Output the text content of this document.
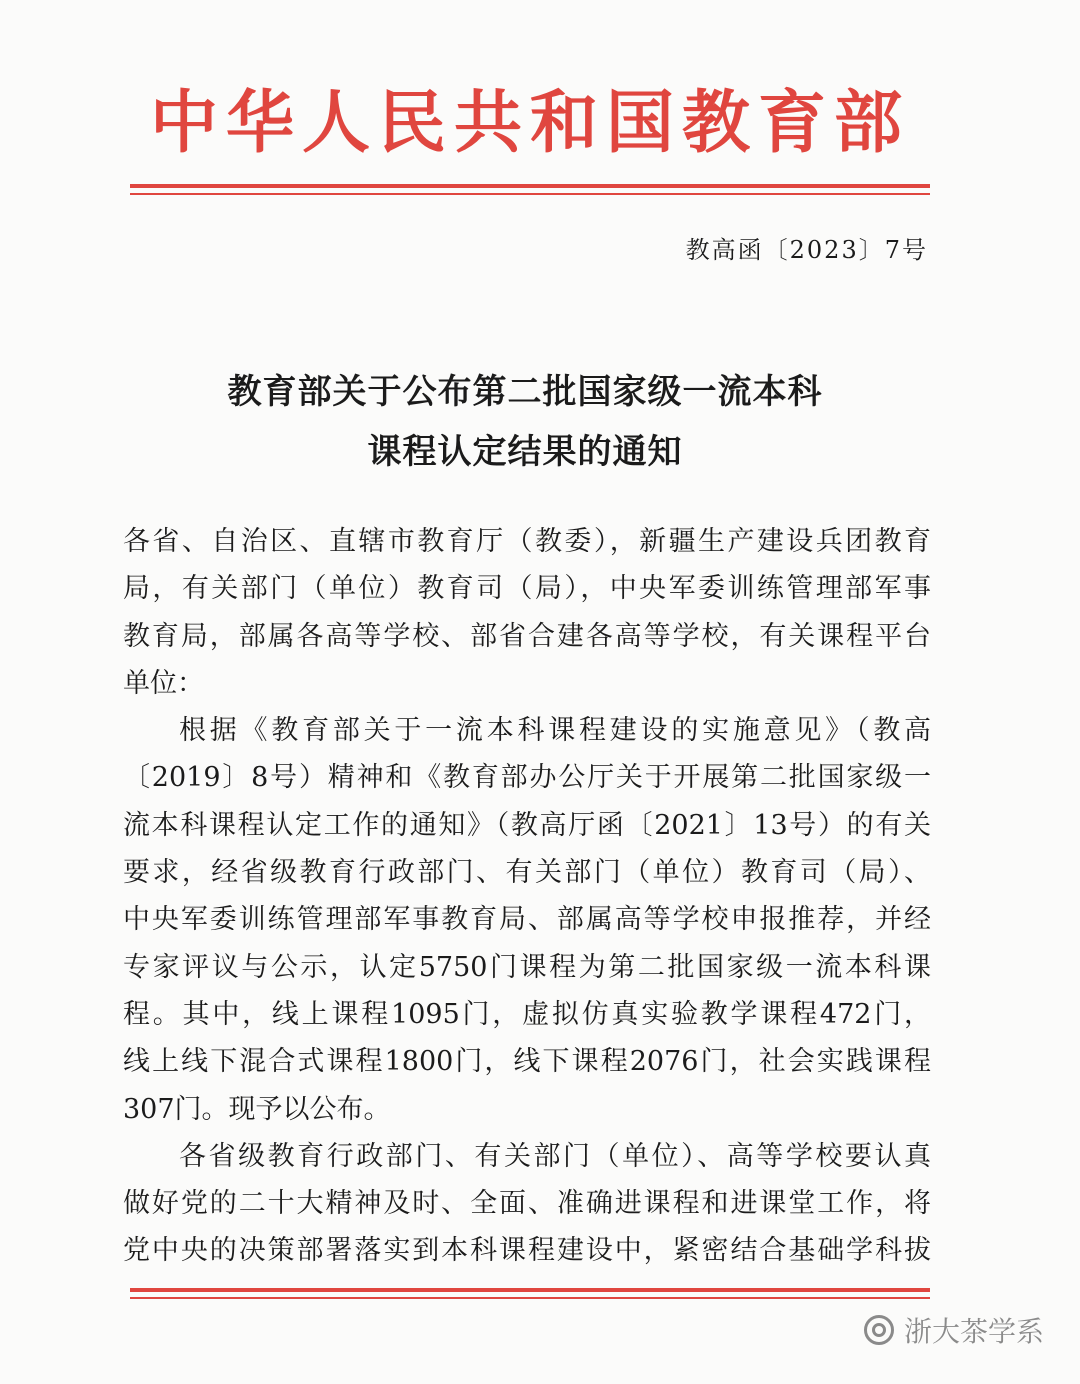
中华人民共和国教育部
教高函〔2023〕7号
教育部关于公布第二批国家级一流本科
课程认定结果的通知
各省、自治区、直辖市教育厅（教委），新疆生产建设兵团教育
局，有关部门（单位）教育司（局），中央军委训练管理部军事
教育局，部属各高等学校、部省合建各高等学校，有关课程平台
单位：
根据《教育部关于一流本科课程建设的实施意见》（教高
〔2019〕8号）精神和《教育部办公厅关于开展第二批国家级一
流本科课程认定工作的通知》（教高厅函〔2021〕13号）的有关
要求，经省级教育行政部门、有关部门（单位）教育司（局）、
中央军委训练管理部军事教育局、部属高等学校申报推荐，并经
专家评议与公示，认定5750门课程为第二批国家级一流本科课
程。其中，线上课程1095门，虚拟仿真实验教学课程472门，
线上线下混合式课程1800门，线下课程2076门，社会实践课程
307门。现予以公布。
各省级教育行政部门、有关部门（单位）、高等学校要认真
做好党的二十大精神及时、全面、准确进课程和进课堂工作，将
党中央的决策部署落实到本科课程建设中，紧密结合基础学科拔
浙大茶学系
